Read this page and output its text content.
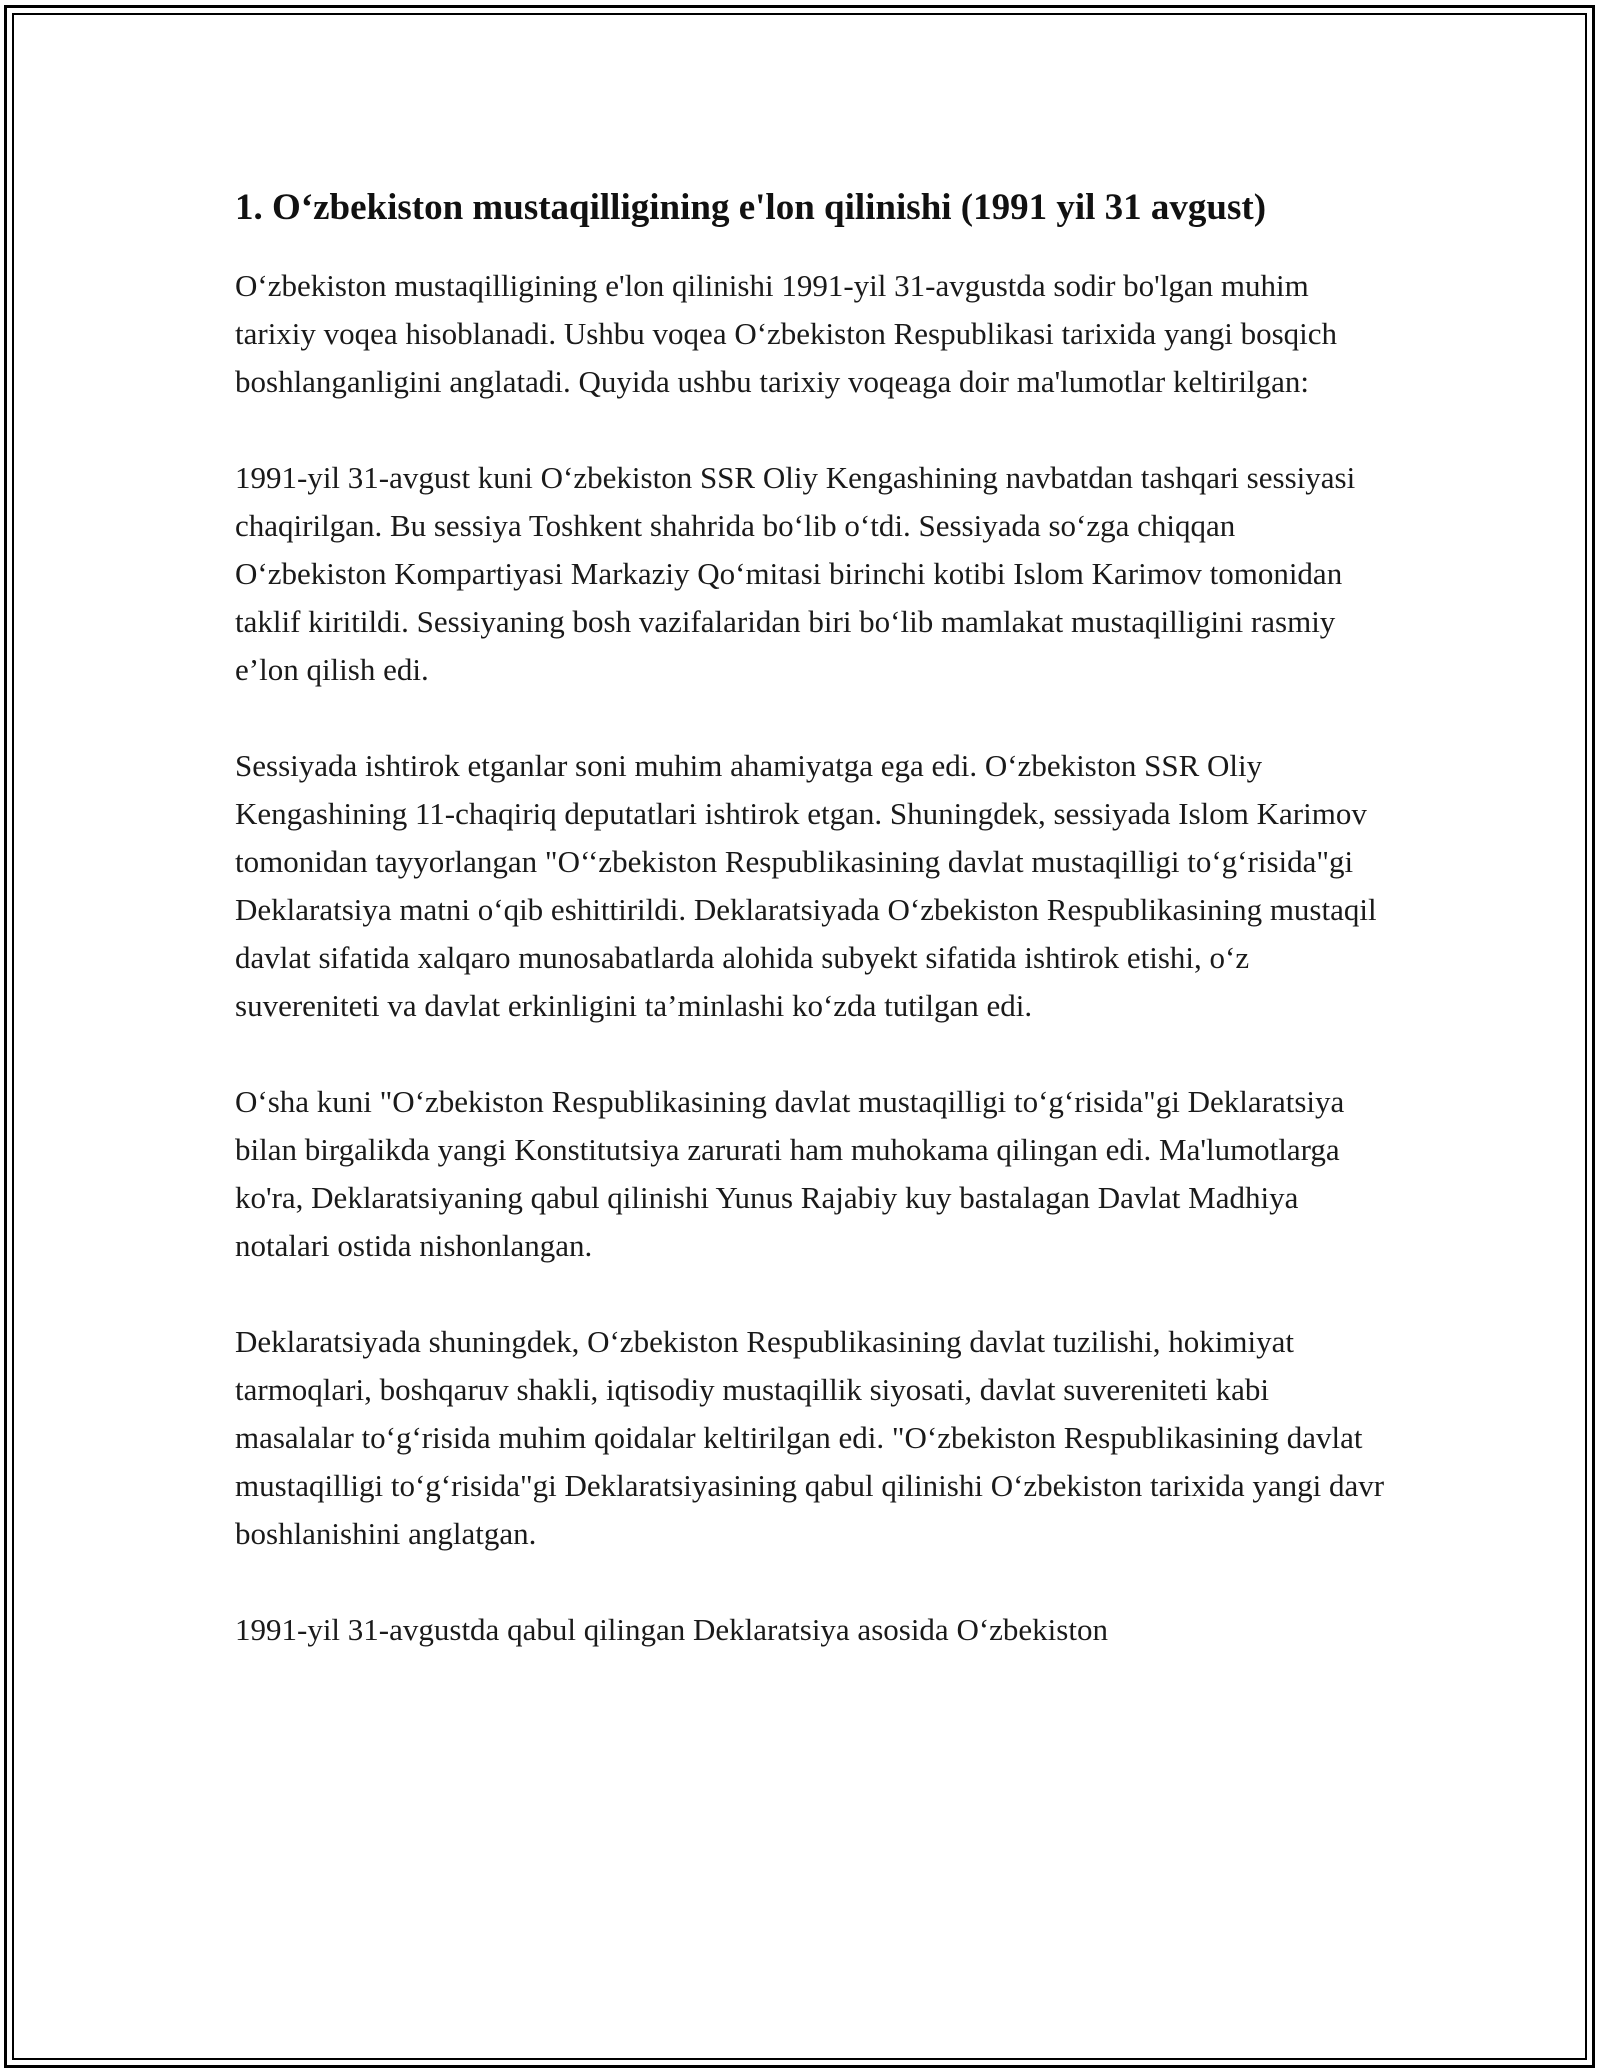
1. O‘zbekiston mustaqilligining e'lon qilinishi (1991 yil 31 avgust)

O‘zbekiston mustaqilligining e'lon qilinishi 1991-yil 31-avgustda sodir bo'lgan muhim tarixiy voqea hisoblanadi. Ushbu voqea O‘zbekiston Respublikasi tarixida yangi bosqich boshlanganligini anglatadi. Quyida ushbu tarixiy voqeaga doir ma'lumotlar keltirilgan:

1991-yil 31-avgust kuni O‘zbekiston SSR Oliy Kengashining navbatdan tashqari sessiyasi chaqirilgan. Bu sessiya Toshkent shahrida bo‘lib o‘tdi. Sessiyada so‘zga chiqqan O‘zbekiston Kompartiyasi Markaziy Qo‘mitasi birinchi kotibi Islom Karimov tomonidan taklif kiritildi. Sessiyaning bosh vazifalaridan biri bo‘lib mamlakat mustaqilligini rasmiy e’lon qilish edi.

Sessiyada ishtirok etganlar soni muhim ahamiyatga ega edi. O‘zbekiston SSR Oliy Kengashining 11-chaqiriq deputatlari ishtirok etgan. Shuningdek, sessiyada Islom Karimov tomonidan tayyorlangan "O‘‘zbekiston Respublikasining davlat mustaqilligi to‘g‘risida"gi Deklaratsiya matni o‘qib eshittirildi. Deklaratsiyada O‘zbekiston Respublikasining mustaqil davlat sifatida xalqaro munosabatlarda alohida subyekt sifatida ishtirok etishi, o‘z suvereniteti va davlat erkinligini ta’minlashi ko‘zda tutilgan edi.

O‘sha kuni "O‘zbekiston Respublikasining davlat mustaqilligi to‘g‘risida"gi Deklaratsiya bilan birgalikda yangi Konstitutsiya zarurati ham muhokama qilingan edi. Ma'lumotlarga ko'ra, Deklaratsiyaning qabul qilinishi Yunus Rajabiy kuy bastalagan Davlat Madhiya notalari ostida nishonlangan.

Deklaratsiyada shuningdek, O‘zbekiston Respublikasining davlat tuzilishi, hokimiyat tarmoqlari, boshqaruv shakli, iqtisodiy mustaqillik siyosati, davlat suvereniteti kabi masalalar to‘g‘risida muhim qoidalar keltirilgan edi. "O‘zbekiston Respublikasining davlat mustaqilligi to‘g‘risida"gi Deklaratsiyasining qabul qilinishi O‘zbekiston tarixida yangi davr boshlanishini anglatgan.

1991-yil 31-avgustda qabul qilingan Deklaratsiya asosida O‘zbekiston
